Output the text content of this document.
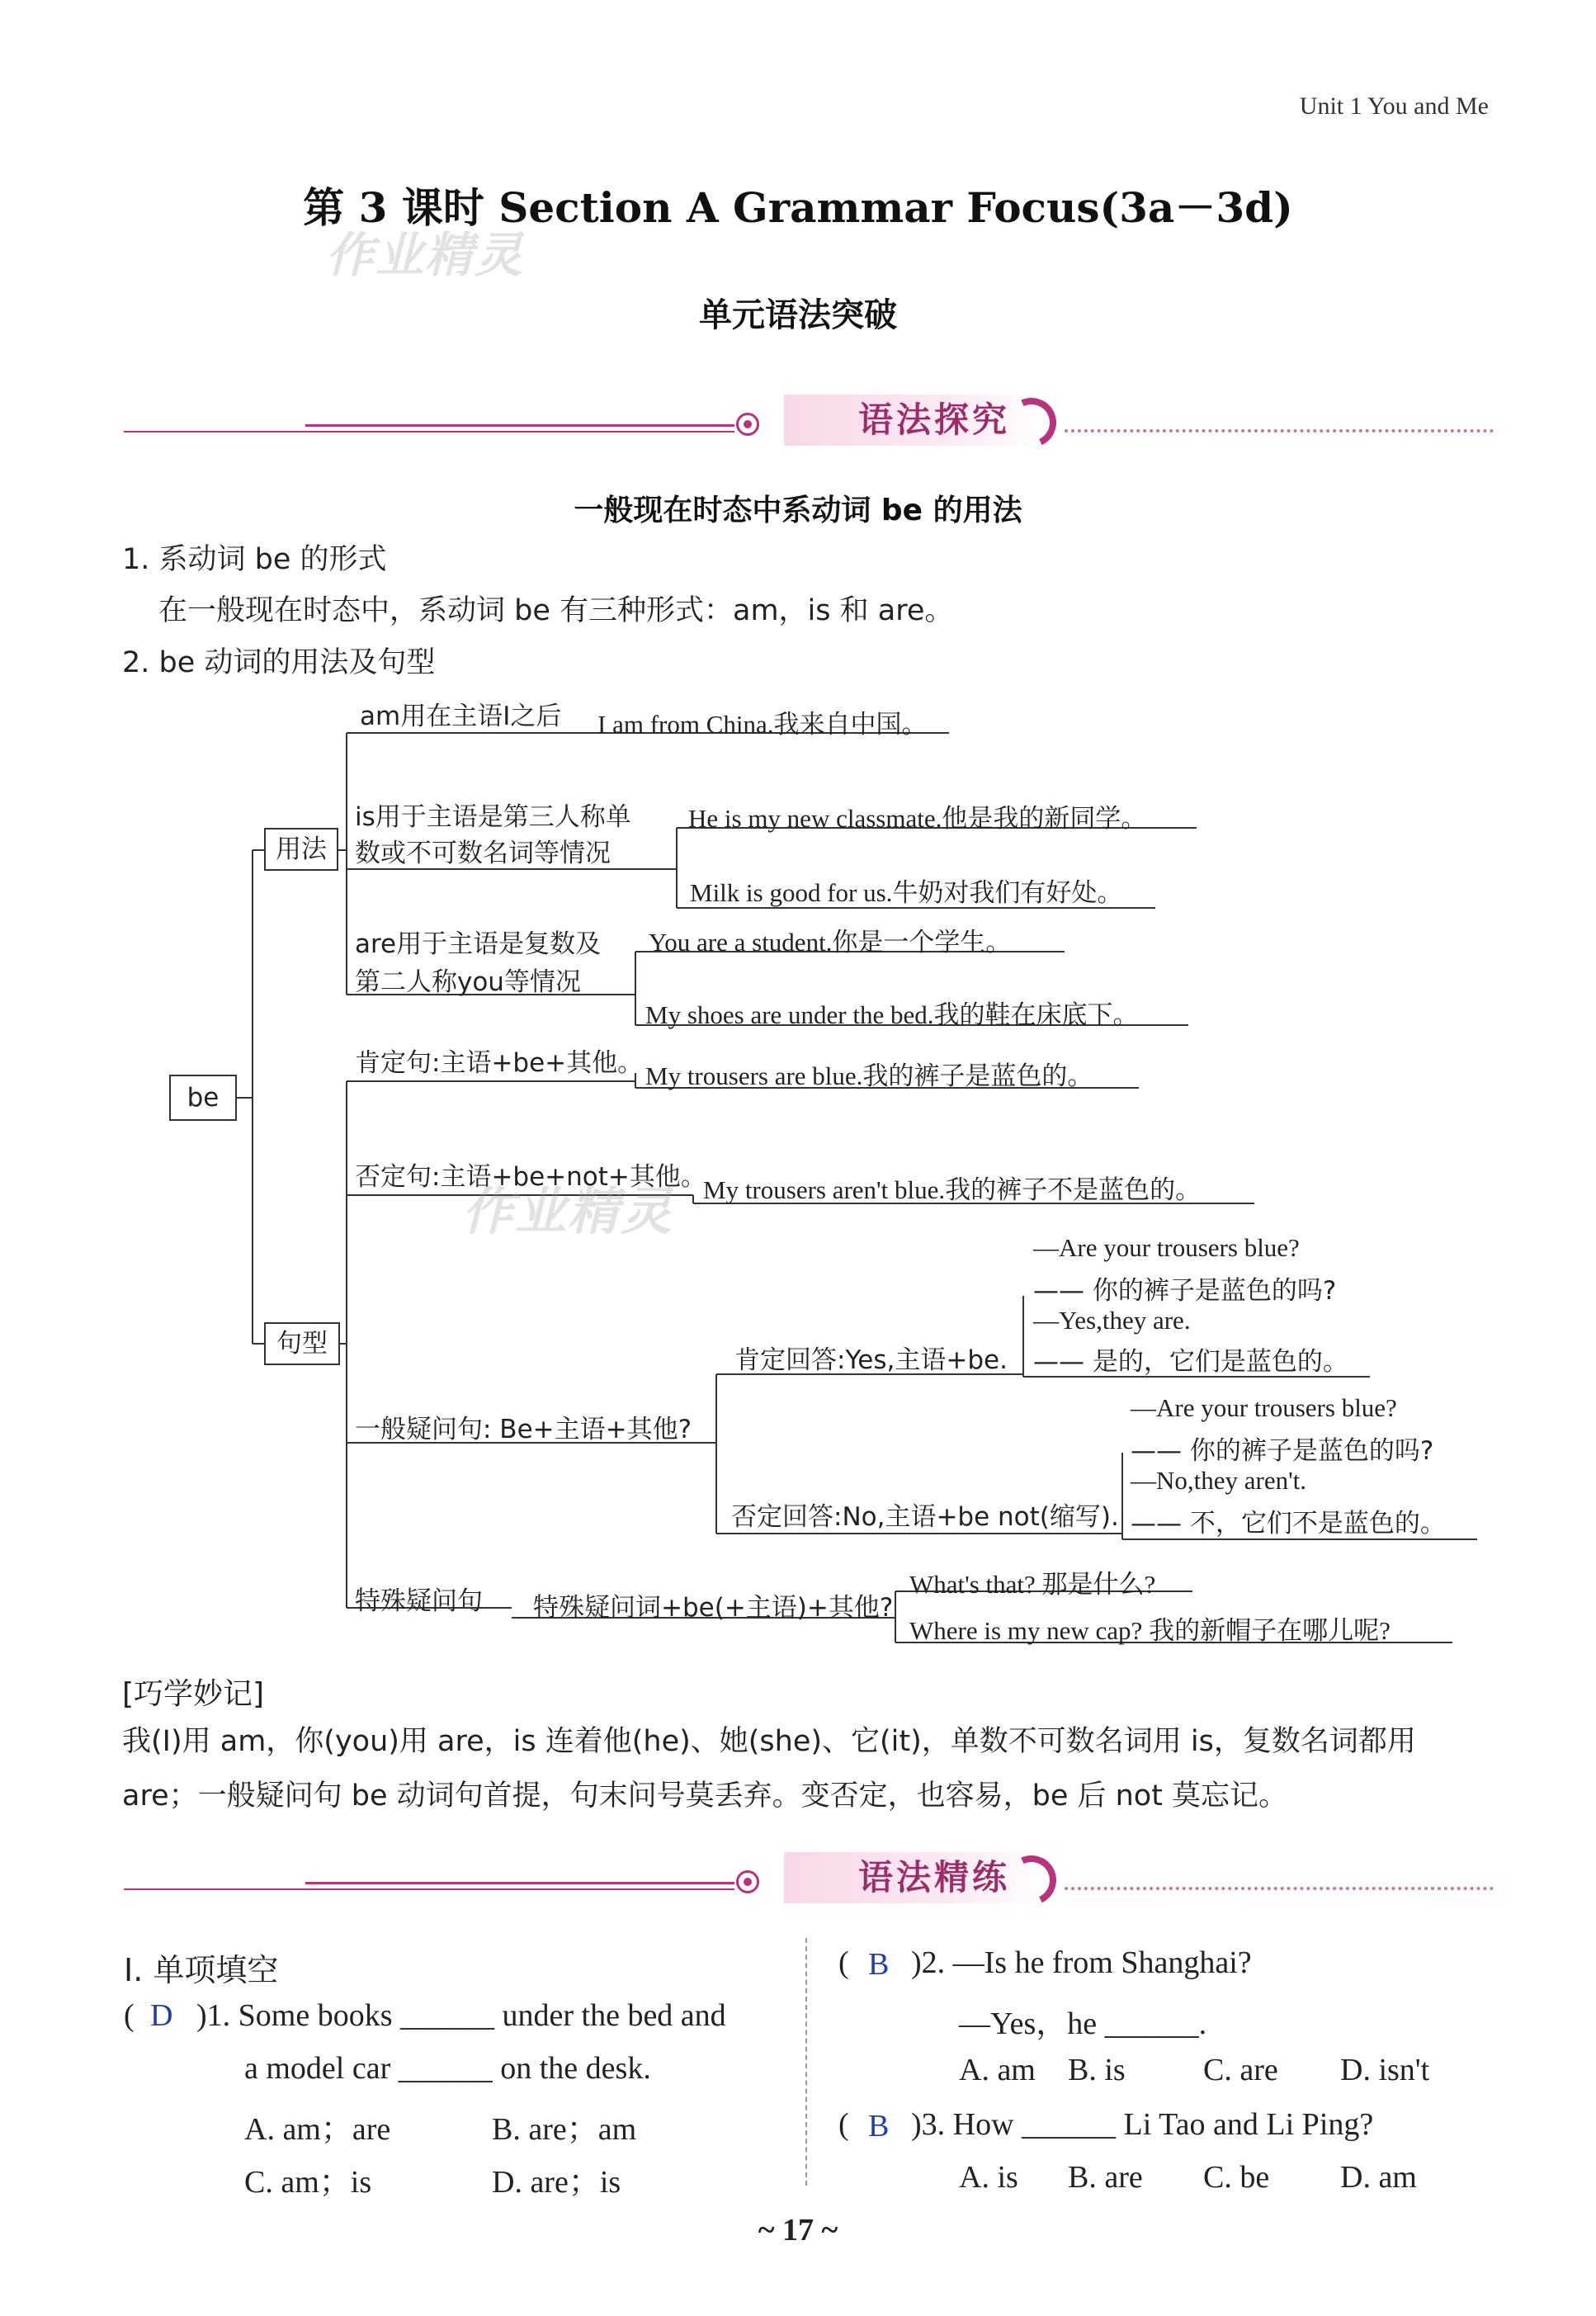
Unit 1 You and Me
第 3 课时 Section A Grammar Focus(3a－3d)
作业精灵
单元语法突破
语法探究
一般现在时态中系动词 be 的用法
1. 系动词 be 的形式
在一般现在时态中，系动词 be 有三种形式：am，is 和 are。
2. be 动词的用法及句型
be
用法
句型
am用在主语I之后 I am from China.我来自中国。
is用于主语是第三人称单
数或不可数名词等情况
He is my new classmate.他是我的新同学。
Milk is good for us.牛奶对我们有好处。
are用于主语是复数及
第二人称you等情况
You are a student.你是一个学生。
My shoes are under the bed.我的鞋在床底下。
肯定句:主语+be+其他。 My trousers are blue.我的裤子是蓝色的。
否定句:主语+be+not+其他。
My trousers aren't blue.我的裤子不是蓝色的。
作业精灵
—Are your trousers blue?
—— 你的裤子是蓝色的吗?
—Yes,they are.
—— 是的，它们是蓝色的。
肯定回答:Yes,主语+be.
一般疑问句: Be+主语+其他?
—Are your trousers blue?
—— 你的裤子是蓝色的吗?
—No,they aren't.
—— 不，它们不是蓝色的。
否定回答:No,主语+be not(缩写).
特殊疑问句 特殊疑问词+be(+主语)+其他?
What's that? 那是什么?
Where is my new cap? 我的新帽子在哪儿呢?
[巧学妙记]
我(I)用 am，你(you)用 are，is 连着他(he)、她(she)、它(it)，单数不可数名词用 is，复数名词都用
are；一般疑问句 be 动词句首提，句末问号莫丢弃。变否定，也容易，be 后 not 莫忘记。
语法精练
Ⅰ. 单项填空
( D )1. Some books ______ under the bed and
a model car ______ on the desk.
A. am；are	B. are；am
C. am；is	D. are；is
( B )2. —Is he from Shanghai?
—Yes，he ______.
A. am B. is C. are D. isn't
( B )3. How ______ Li Tao and Li Ping?
A. is B. are C. be D. am
~ 17 ~
